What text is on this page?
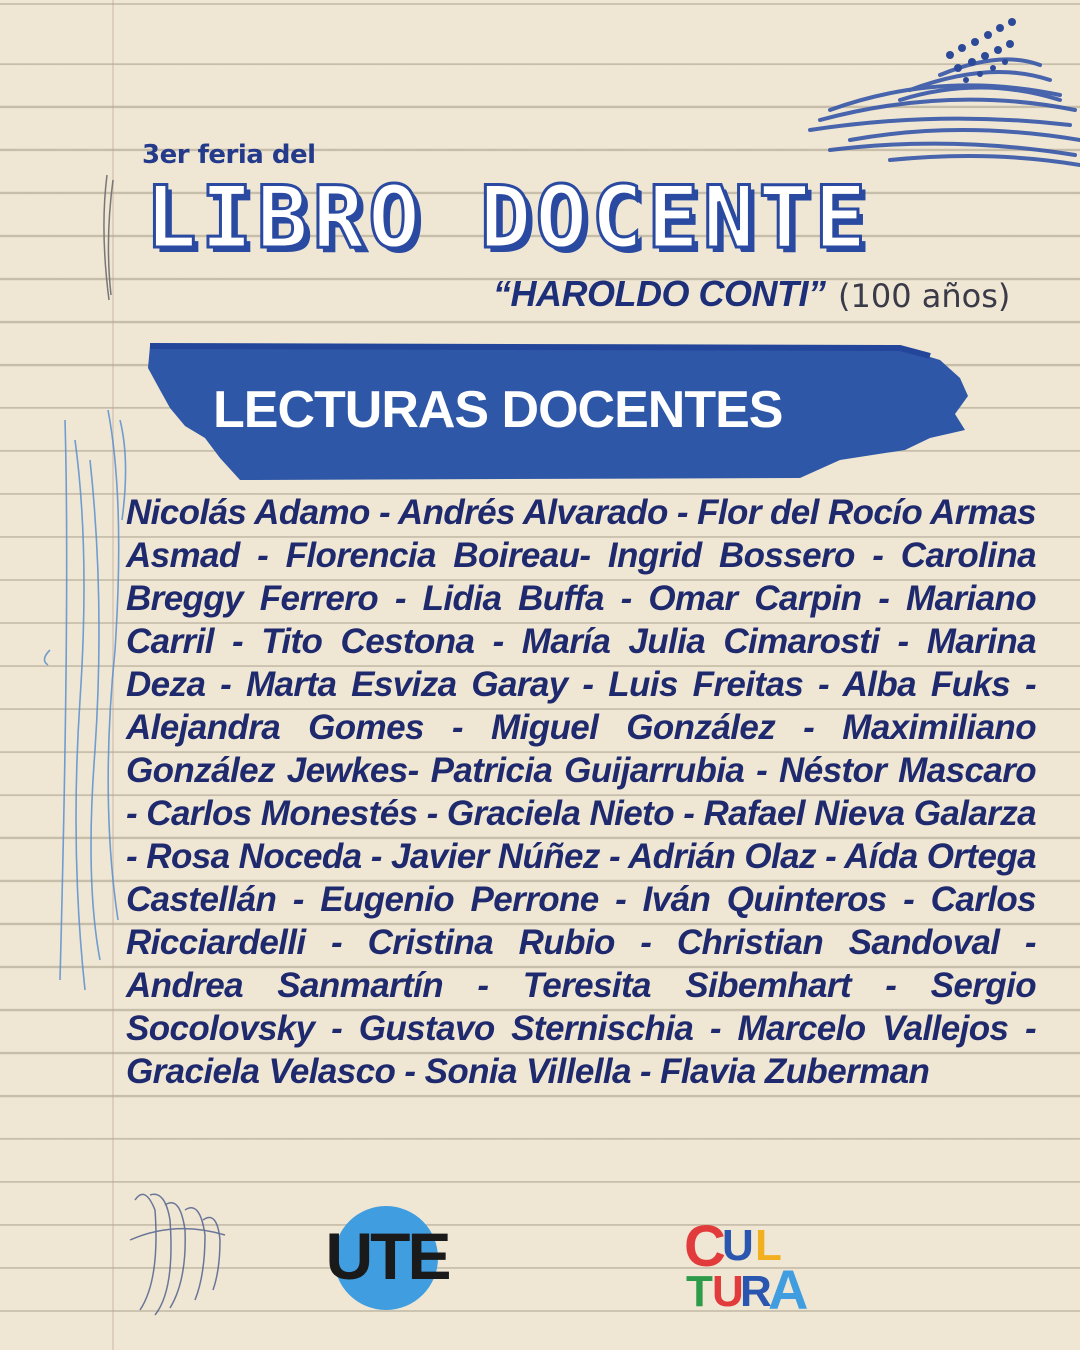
3er feria del
LIBRO DOCENTE
“HAROLDO CONTI” (100 años)
LECTURAS DOCENTES
Nicolás Adamo - Andrés Alvarado - Flor del Rocío Armas Asmad - Florencia Boireau- Ingrid Bossero - Carolina Breggy Ferrero - Lidia Buffa - Omar Carpin - Mariano Carril - Tito Cestona - María Julia Cimarosti - Marina Deza - Marta Esviza Garay - Luis Freitas - Alba Fuks - Alejandra Gomes - Miguel González - Maximiliano González Jewkes- Patricia Guijarrubia - Néstor Mascaro - Carlos Monestés - Graciela Nieto - Rafael Nieva Galarza - Rosa Noceda - Javier Núñez - Adrián Olaz - Aída Ortega Castellán - Eugenio Perrone - Iván Quinteros - Carlos Ricciardelli - Cristina Rubio - Christian Sandoval - Andrea Sanmartín - Teresita Sibemhart - Sergio Socolovsky - Gustavo Sternischia - Marcelo Vallejos - Graciela Velasco - Sonia Villella - Flavia Zuberman
UTE	C
U L
T U
R
A
